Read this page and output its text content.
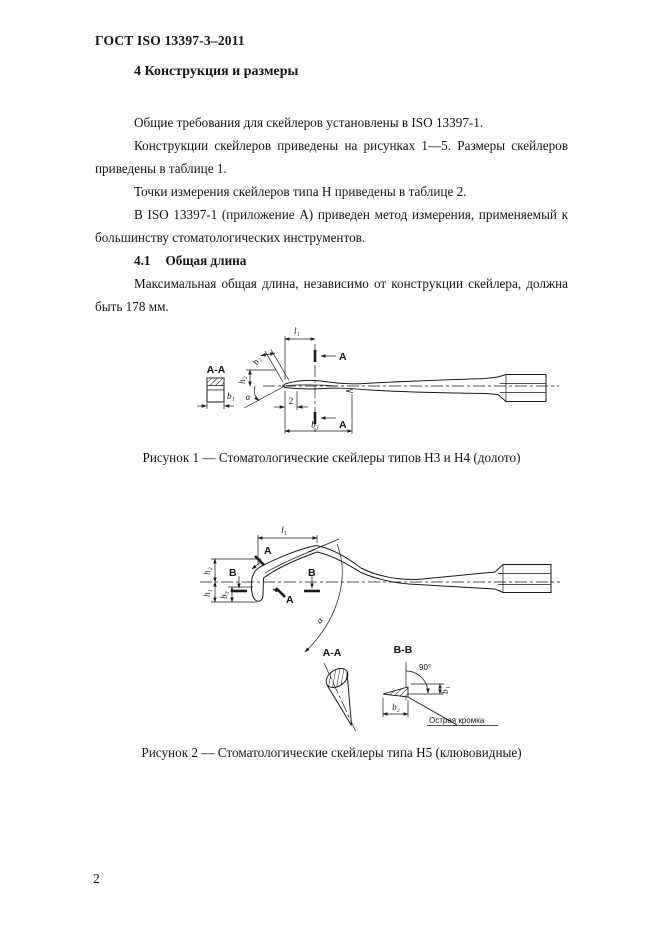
ГОСТ ISO 13397-3–2011
4 Конструкция и размеры

Общие требования для скейлеров установлены в ISO 13397-1.

Конструкции скейлеров приведены на рисунках 1—5. Размеры скейлеров приведены в таблице 1.

Точки измерения скейлеров типа Н приведены в таблице 2.

В ISO 13397-1 (приложение А) приведен метод измерения, применяемый к большинству стоматологических инструментов.

4.1 Общая длина

Максимальная общая длина, независимо от конструкции скейлера, должна быть 178 мм.

A-A
b₁
l₁
A
A
b₂
h₂
α	2
b₃
Рисунок 1 — Стоматологические скейлеры типов Н3 и Н4 (долото)
l₁
α
h₂
h₁ b₃
B	B
A
A
A-A	B-B
90°
Острая кромка
b₂
b₁
Рисунок 2 — Стоматологические скейлеры типа Н5 (клювовидные)
2
